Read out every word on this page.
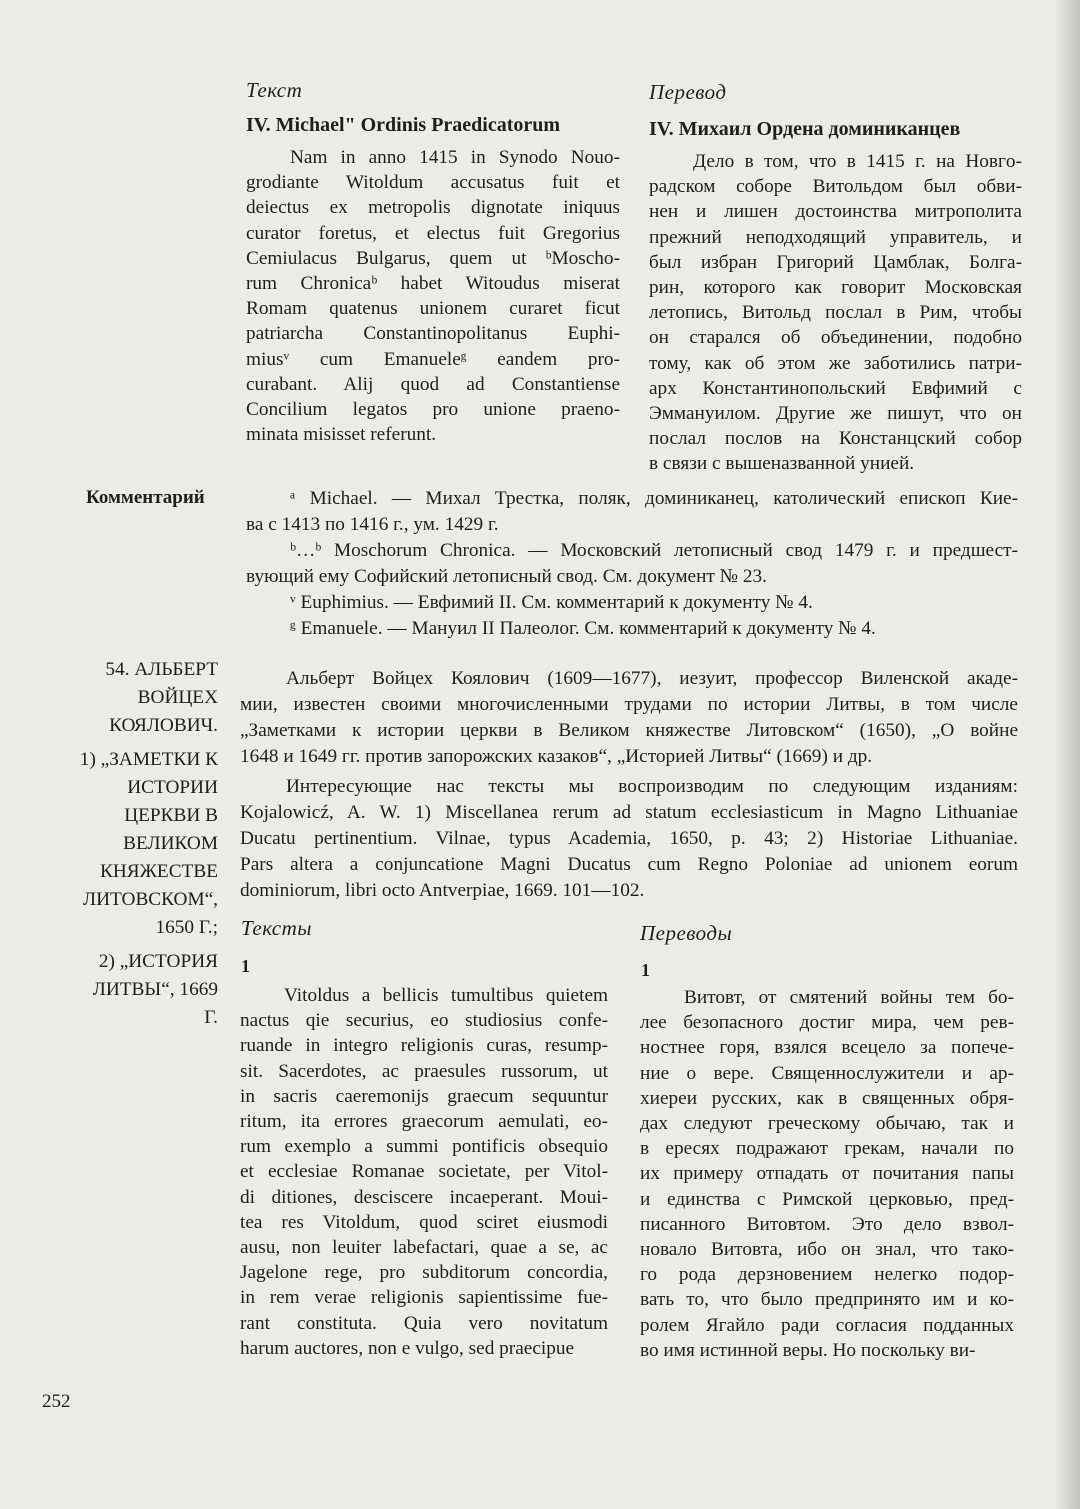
Текст	Перевод
IV. Michael" Ordinis Praedicatorum	IV. Михаил Ордена доминиканцев
Nam in anno 1415 in Synodo Nouo-
grodiante Witoldum accusatus fuit et
deiectus ex metropolis dignotate iniquus
curator foretus, et electus fuit Gregorius
Cemiulacus Bulgarus, quem ut ᵇMoscho-
rum Chronicaᵇ habet Witoudus miserat
Romam quatenus unionem curaret ficut
patriarcha Constantinopolitanus Euphi-
miusᵛ cum Emanueleᵍ eandem pro-
curabant. Alij quod ad Constantiense
Concilium legatos pro unione praeno-
minata misisset referunt.
Дело в том, что в 1415 г. на Новгo-
радском соборе Витольдом был обви-
нен и лишен достоинства митрополита
прежний неподходящий управитель, и
был избран Григорий Цамблак, Болга-
рин, которого как говорит Московская
летопись, Витольд послал в Рим, чтобы
он старался об объединении, подобно
тому, как об этом же заботились патри-
арх Константинопольский Евфимий с
Эммануилом. Другие же пишут, что он
послал послов на Констанцский собор
в связи с вышеназванной унией.
Комментарий	ᵃ Michael. — Михал Трестка, поляк, доминиканец, католический епископ Кие-
ва с 1413 по 1416 г., ум. 1429 г.
ᵇ…ᵇ Moschorum Chronica. — Московский летописный свод 1479 г. и предшест-
вующий ему Софийский летописный свод. См. документ № 23.
ᵛ Euphimius. — Евфимий II. См. комментарий к документу № 4.
ᵍ Emanuele. — Мануил II Палеолог. См. комментарий к документу № 4.

54. АЛЬБЕРТ
ВОЙЦЕХ
КОЯЛОВИЧ.

1) „ЗАМЕТКИ К
ИСТОРИИ
ЦЕРКВИ В
ВЕЛИКОМ
КНЯЖЕСТВЕ
ЛИТОВСКОМ“,
1650 Г.;

2) „ИСТОРИЯ
ЛИТВЫ“, 1669
Г.

Альберт Войцех Коялович (1609—1677), иезуит, профессор Виленской акаде-
мии, известен своими многочисленными трудами по истории Литвы, в том числе
„Заметками к истории церкви в Великом княжестве Литовском“ (1650), „О войне
1648 и 1649 гг. против запорожских казаков“, „Историей Литвы“ (1669) и др.
Интересующие нас тексты мы воспроизводим по следующим изданиям:
Kojalowicź, A. W. 1) Miscellanea rerum ad statum ecclesiasticum in Magno Lithuaniae
Ducatu pertinentium. Vilnae, typus Academia, 1650, p. 43; 2) Historiae Lithuaniae.
Pars altera a conjuncatione Magni Ducatus cum Regno Poloniae ad unionem eorum
dominiorum, libri octo Antverpiae, 1669. 101—102.
Тексты	Переводы
1	1
Vitoldus a bellicis tumultibus quietem
nactus qie securius, eo studiosius confe-
ruande in integro religionis curas, resump-
sit. Sacerdotes, ac praesules russorum, ut
in sacris caeremonijs graecum sequuntur
ritum, ita errores graecorum aemulati, eo-
rum exemplo a summi pontificis obsequio
et ecclesiae Romanae societate, per Vitol-
di ditiones, desciscere incaeperant. Moui-
tea res Vitoldum, quod sciret eiusmodi
ausu, non leuiter labefactari, quae a se, ac
Jagelone rege, pro subditorum concordia,
in rem verae religionis sapientissime fue-
rant constituta. Quia vero novitatum
harum auctores, non e vulgo, sed praecipue
Витовт, от смятений войны тем бо-
лее безопасного достиг мира, чем рев-
ностнее горя, взялся всецело за попече-
ние о вере. Священнослужители и ар-
хиереи русских, как в священных обря-
дах следуют греческому обычаю, так и
в ересях подражают грекам, начали по
их примеру отпадать от почитания папы
и единства с Римской церковью, пред-
писанного Витовтом. Это дело взвол-
новало Витовта, ибо он знал, что тако-
го рода дерзновением нелегко подор-
вать то, что было предпринято им и ко-
ролем Ягайло ради согласия подданных
во имя истинной веры. Но поскольку ви-
252
